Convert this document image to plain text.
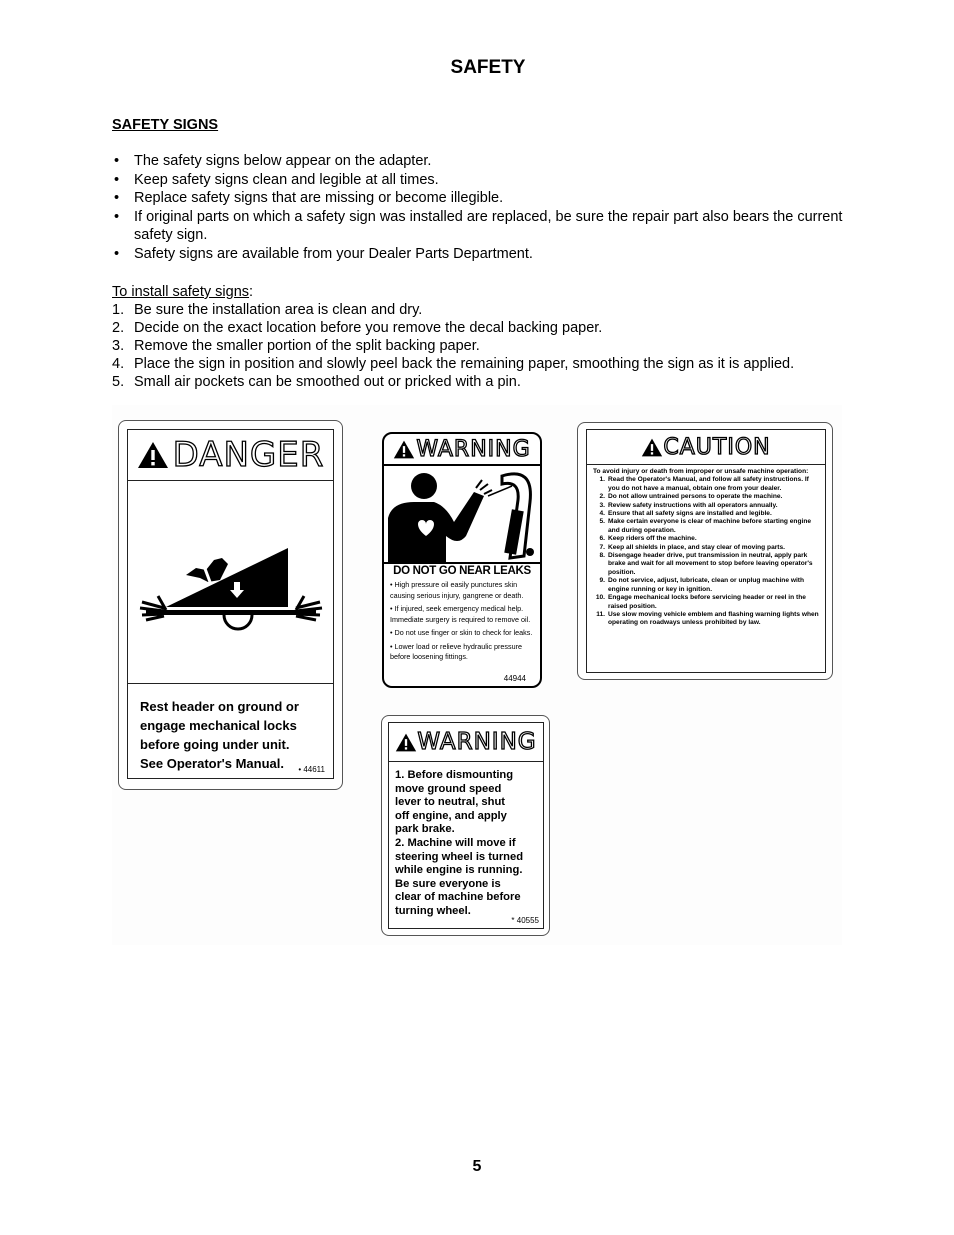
SAFETY
SAFETY SIGNS
• The safety signs below appear on the adapter.
• Keep safety signs clean and legible at all times.
• Replace safety signs that are missing or become illegible.
• If original parts on which a safety sign was installed are replaced, be sure the repair part also bears the current safety sign.
• Safety signs are available from your Dealer Parts Department.
To install safety signs:
1. Be sure the installation area is clean and dry.
2. Decide on the exact location before you remove the decal backing paper.
3. Remove the smaller portion of the split backing paper.
4. Place the sign in position and slowly peel back the remaining paper, smoothing the sign as it is applied.
5. Small air pockets can be smoothed out or pricked with a pin.
DANGER
Rest header on ground or
engage mechanical locks
before going under unit.
See Operator's Manual.	• 44611
WARNING
DO NOT GO NEAR LEAKS
• High pressure oil easily punctures skin causing serious injury, gangrene or death.
• If injured, seek emergency medical help. Immediate surgery is required to remove oil.
• Do not use finger or skin to check for leaks.
• Lower load or relieve hydraulic pressure before loosening fittings.
44944
CAUTION
To avoid injury or death from improper or unsafe machine operation:
1. Read the Operator's Manual, and follow all safety instructions. If you do not have a manual, obtain one from your dealer.
2. Do not allow untrained persons to operate the machine.
3. Review safety instructions with all operators annually.
4. Ensure that all safety signs are installed and legible.
5. Make certain everyone is clear of machine before starting engine and during operation.
6. Keep riders off the machine.
7. Keep all shields in place, and stay clear of moving parts.
8. Disengage header drive, put transmission in neutral, apply park brake and wait for all movement to stop before leaving operator's position.
9. Do not service, adjust, lubricate, clean or unplug machine with engine running or key in ignition.
10. Engage mechanical locks before servicing header or reel in the raised position.
11. Use slow moving vehicle emblem and flashing warning lights when operating on roadways unless prohibited by law.
WARNING
1. Before dismounting
move ground speed
lever to neutral, shut
off engine, and apply
park brake.
2. Machine will move if
steering wheel is turned
while engine is running.
Be sure everyone is
clear of machine before
turning wheel.
* 40555
5
